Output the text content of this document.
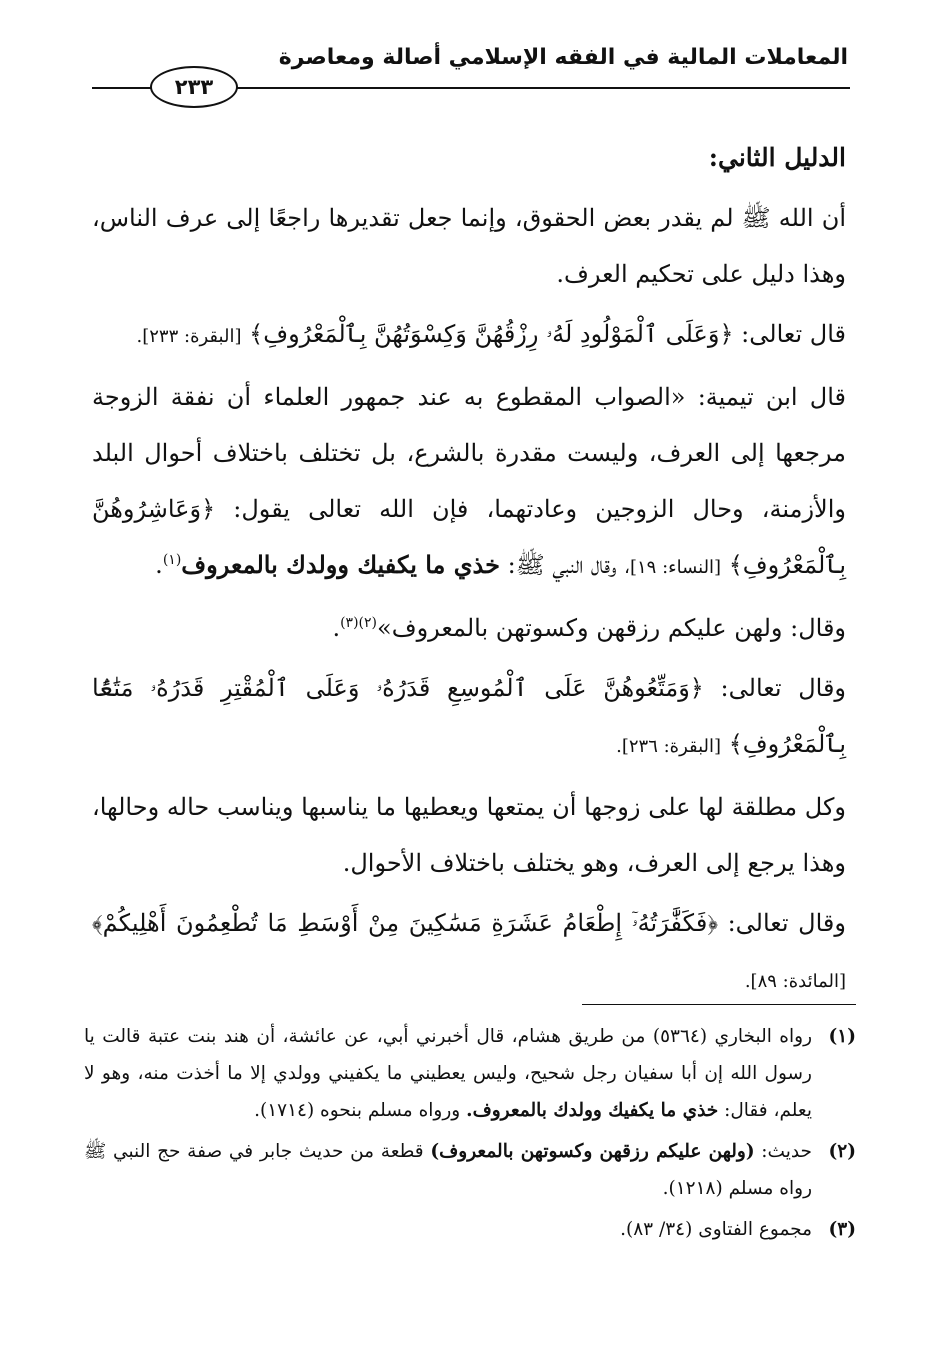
المعاملات المالية في الفقه الإسلامي أصالة ومعاصرة
٢٣٣

الدليل الثاني:

أن الله ﷺ لم يقدر بعض الحقوق، وإنما جعل تقديرها راجعًا إلى عرف الناس، وهذا دليل على تحكيم العرف.

قال تعالى: ﴿وَعَلَى ٱلْمَوْلُودِ لَهُۥ رِزْقُهُنَّ وَكِسْوَتُهُنَّ بِٱلْمَعْرُوفِ﴾ [البقرة: ٢٣٣].

قال ابن تيمية: «الصواب المقطوع به عند جمهور العلماء أن نفقة الزوجة مرجعها إلى العرف، وليست مقدرة بالشرع، بل تختلف باختلاف أحوال البلد والأزمنة، وحال الزوجين وعادتهما، فإن الله تعالى يقول: ﴿وَعَاشِرُوهُنَّ بِٱلْمَعْرُوفِ﴾ [النساء: ١٩]، وقال النبي ﷺ: خذي ما يكفيك وولدك بالمعروف$^{(١)}$.

وقال: ولهن عليكم رزقهن وكسوتهن بالمعروف»$^{(٢)(٣)}$.

وقال تعالى: ﴿وَمَتِّعُوهُنَّ عَلَى ٱلْمُوسِعِ قَدَرُهُۥ وَعَلَى ٱلْمُقْتِرِ قَدَرُهُۥ مَتَٰعًۢا بِٱلْمَعْرُوفِ﴾ [البقرة: ٢٣٦].

وكل مطلقة لها على زوجها أن يمتعها ويعطيها ما يناسبها ويناسب حاله وحالها، وهذا يرجع إلى العرف، وهو يختلف باختلاف الأحوال.

وقال تعالى: ﴿فَكَفَّٰرَتُهُۥٓ إِطْعَامُ عَشَرَةِ مَسَٰكِينَ مِنْ أَوْسَطِ مَا تُطْعِمُونَ أَهْلِيكُمْ﴾ [المائدة: ٨٩].

(١)
رواه البخاري (٥٣٦٤) من طريق هشام، قال أخبرني أبي، عن عائشة، أن هند بنت عتبة قالت يا رسول الله إن أبا سفيان رجل شحيح، وليس يعطيني ما يكفيني وولدي إلا ما أخذت منه، وهو لا يعلم، فقال: خذي ما يكفيك وولدك بالمعروف. ورواه مسلم بنحوه (١٧١٤).
(٢)
حديث: (ولهن عليكم رزقهن وكسوتهن بالمعروف) قطعة من حديث جابر في صفة حج النبي ﷺ رواه مسلم (١٢١٨).
(٣)
مجموع الفتاوى (٣٤/ ٨٣).
